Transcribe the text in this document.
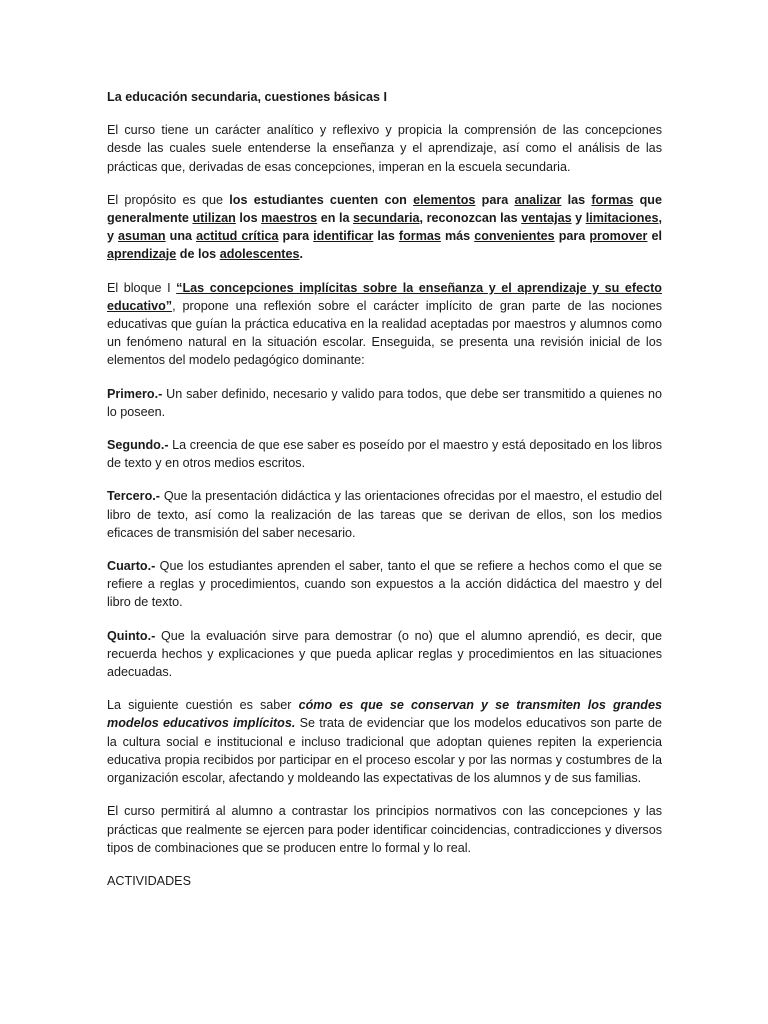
La educación secundaria, cuestiones básicas I

El curso tiene un carácter analítico y reflexivo y propicia la comprensión de las concepciones desde las cuales suele entenderse la enseñanza y el aprendizaje, así como el análisis de las prácticas que, derivadas de esas concepciones, imperan en la escuela secundaria.

El propósito es que los estudiantes cuenten con elementos para analizar las formas que generalmente utilizan los maestros en la secundaria, reconozcan las ventajas y limitaciones, y asuman una actitud crítica para identificar las formas más convenientes para promover el aprendizaje de los adolescentes.

El bloque I “Las concepciones implícitas sobre la enseñanza y el aprendizaje y su efecto educativo”, propone una reflexión sobre el carácter implícito de gran parte de las nociones educativas que guían la práctica educativa en la realidad aceptadas por maestros y alumnos como un fenómeno natural en la situación escolar. Enseguida, se presenta una revisión inicial de los elementos del modelo pedagógico dominante:

Primero.- Un saber definido, necesario y valido para todos, que debe ser transmitido a quienes no lo poseen.

Segundo.- La creencia de que ese saber es poseído por el maestro y está depositado en los libros de texto y en otros medios escritos.

Tercero.- Que la presentación didáctica y las orientaciones ofrecidas por el maestro, el estudio del libro de texto, así como la realización de las tareas que se derivan de ellos, son los medios eficaces de transmisión del saber necesario.

Cuarto.- Que los estudiantes aprenden el saber, tanto el que se refiere a hechos como el que se refiere a reglas y procedimientos, cuando son expuestos a la acción didáctica del maestro y del libro de texto.

Quinto.- Que la evaluación sirve para demostrar (o no) que el alumno aprendió, es decir, que recuerda hechos y explicaciones y que pueda aplicar reglas y procedimientos en las situaciones adecuadas.

La siguiente cuestión es saber cómo es que se conservan y se transmiten los grandes modelos educativos implícitos. Se trata de evidenciar que los modelos educativos son parte de la cultura social e institucional e incluso tradicional que adoptan quienes repiten la experiencia educativa propia recibidos por participar en el proceso escolar y por las normas y costumbres de la organización escolar, afectando y moldeando las expectativas de los alumnos y de sus familias.

El curso permitirá al alumno a contrastar los principios normativos con las concepciones y las prácticas que realmente se ejercen para poder identificar coincidencias, contradicciones y diversos tipos de combinaciones que se producen entre lo formal y lo real.

ACTIVIDADES
